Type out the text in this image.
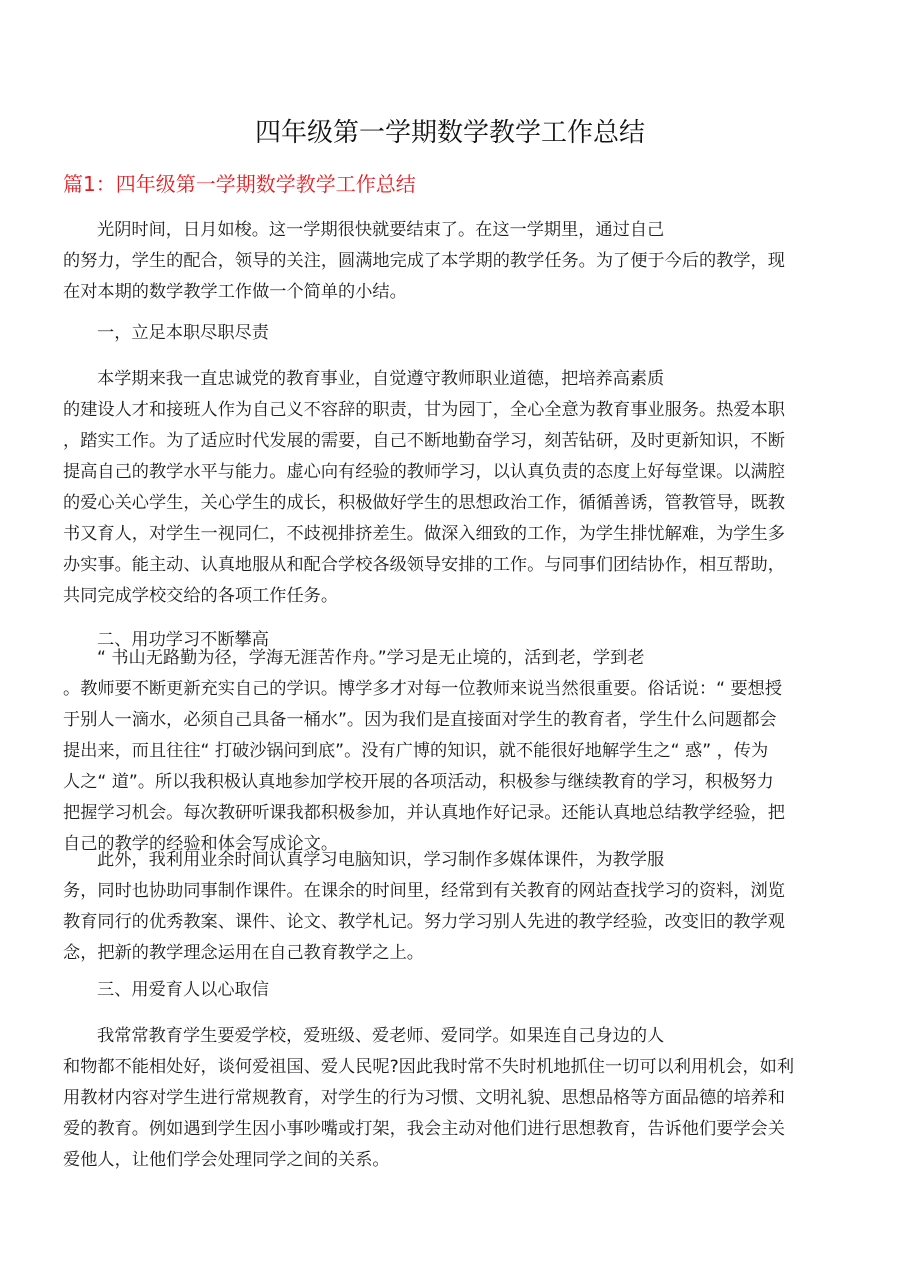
四年级第一学期数学教学工作总结
篇1：四年级第一学期数学教学工作总结
光阴时间，日月如梭。这一学期很快就要结束了。在这一学期里，通过自己
的努力，学生的配合，领导的关注，圆满地完成了本学期的教学任务。为了便于今后的教学，现
在对本期的数学教学工作做一个简单的小结。
一，立足本职尽职尽责
本学期来我一直忠诚党的教育事业，自觉遵守教师职业道德，把培养高素质
的建设人才和接班人作为自己义不容辞的职责，甘为园丁，全心全意为教育事业服务。热爱本职
，踏实工作。为了适应时代发展的需要，自己不断地勤奋学习，刻苦钻研，及时更新知识，不断
提高自己的教学水平与能力。虚心向有经验的教师学习，以认真负责的态度上好每堂课。以满腔
的爱心关心学生，关心学生的成长，积极做好学生的思想政治工作，循循善诱，管教管导，既教
书又育人，对学生一视同仁，不歧视排挤差生。做深入细致的工作，为学生排忧解难，为学生多
办实事。能主动、认真地服从和配合学校各级领导安排的工作。与同事们团结协作，相互帮助，
共同完成学校交给的各项工作任务。
二、用功学习不断攀高
“ 书山无路勤为径，学海无涯苦作舟。”学习是无止境的，活到老，学到老
。教师要不断更新充实自己的学识。博学多才对每一位教师来说当然很重要。俗话说：“ 要想授
于别人一滴水，必须自己具备一桶水”。因为我们是直接面对学生的教育者，学生什么问题都会
提出来，而且往往“ 打破沙锅问到底”。没有广博的知识，就不能很好地解学生之“ 惑” ，传为
人之“ 道”。所以我积极认真地参加学校开展的各项活动，积极参与继续教育的学习，积极努力
把握学习机会。每次教研听课我都积极参加，并认真地作好记录。还能认真地总结教学经验，把
自己的教学的经验和体会写成论文。
此外，我利用业余时间认真学习电脑知识，学习制作多媒体课件，为教学服
务，同时也协助同事制作课件。在课余的时间里，经常到有关教育的网站查找学习的资料，浏览
教育同行的优秀教案、课件、论文、教学札记。努力学习别人先进的教学经验，改变旧的教学观
念，把新的教学理念运用在自己教育教学之上。
三、用爱育人以心取信
我常常教育学生要爱学校，爱班级、爱老师、爱同学。如果连自己身边的人
和物都不能相处好，谈何爱祖国、爱人民呢?因此我时常不失时机地抓住一切可以利用机会，如利
用教材内容对学生进行常规教育，对学生的行为习惯、文明礼貌、思想品格等方面品德的培养和
爱的教育。例如遇到学生因小事吵嘴或打架，我会主动对他们进行思想教育，告诉他们要学会关
爱他人，让他们学会处理同学之间的关系。
